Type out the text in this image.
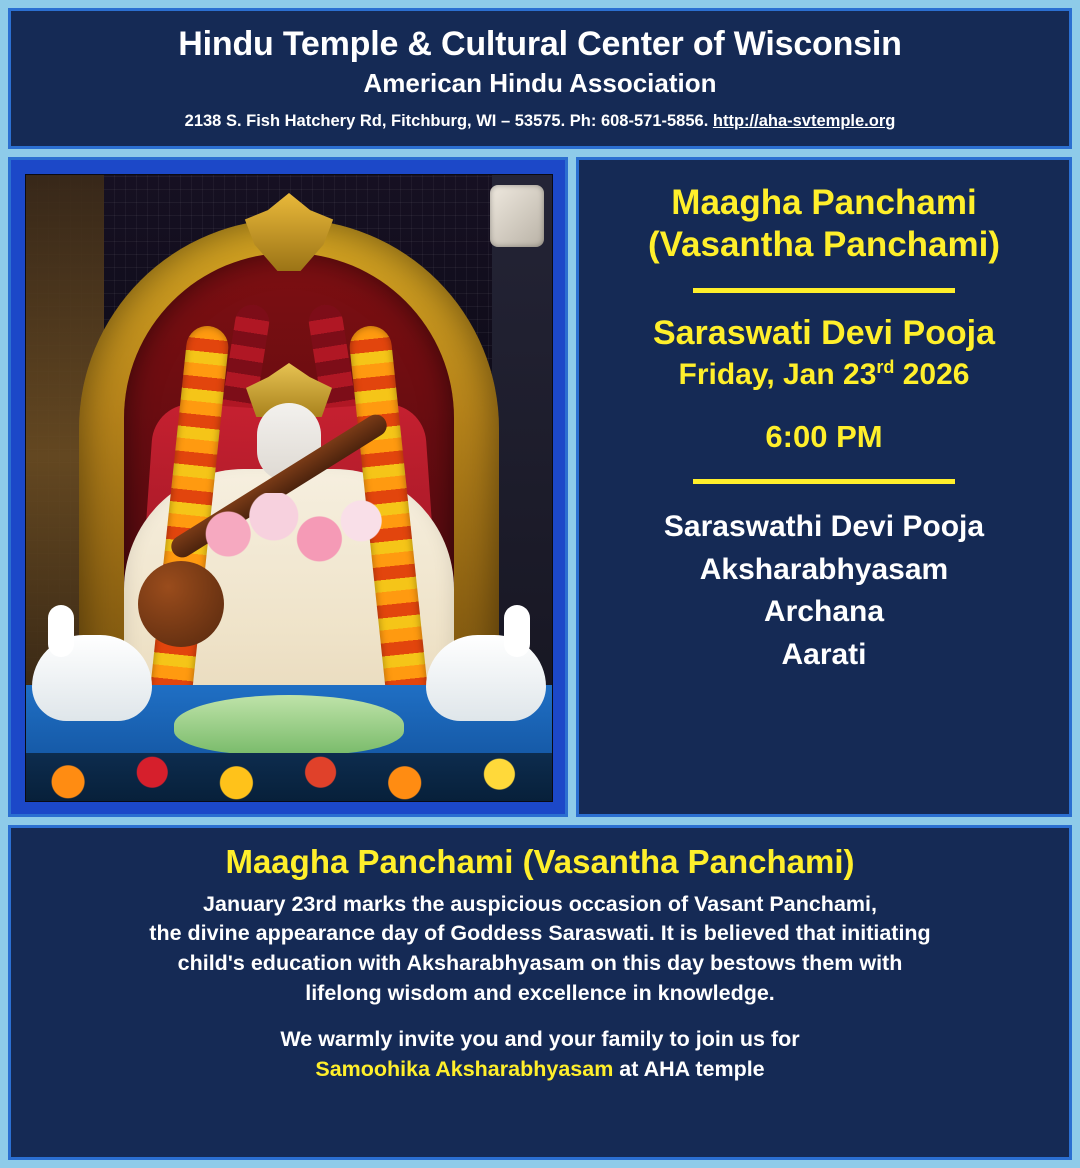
Hindu Temple & Cultural Center of Wisconsin
American Hindu Association
2138 S. Fish Hatchery Rd, Fitchburg, WI – 53575. Ph: 608-571-5856. http://aha-svtemple.org
Maagha Panchami
(Vasantha Panchami)
Saraswati Devi Pooja
Friday, Jan 23rd 2026
6:00 PM
Saraswathi Devi Pooja
Aksharabhyasam
Archana
Aarati
Maagha Panchami (Vasantha Panchami)
January 23rd marks the auspicious occasion of Vasant Panchami,
the divine appearance day of Goddess Saraswati. It is believed that initiating
child's education with Aksharabhyasam on this day bestows them with
lifelong wisdom and excellence in knowledge.
We warmly invite you and your family to join us for
Samoohika Aksharabhyasam at AHA temple
